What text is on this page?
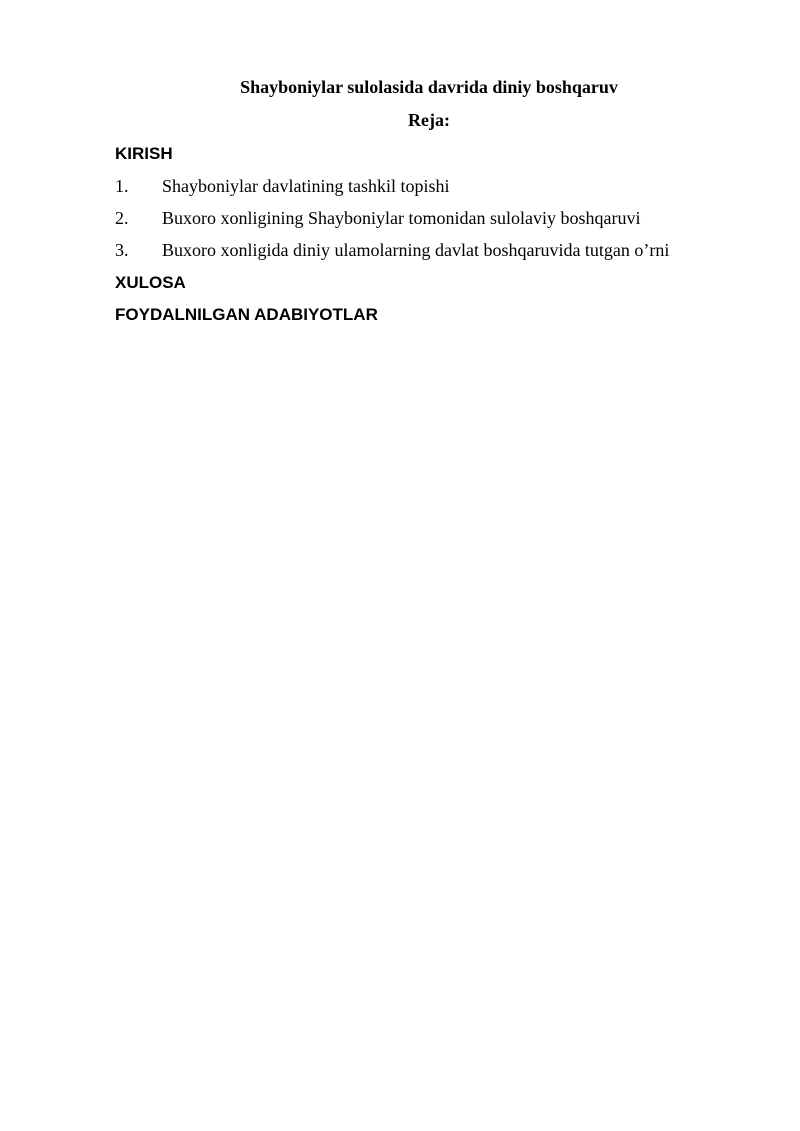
Shayboniylar sulolasida davrida diniy boshqaruv
Reja:
KIRISH
1. Shayboniylar davlatining tashkil topishi
2. Buxoro xonligining Shayboniylar tomonidan sulolaviy boshqaruvi
3. Buxoro xonligida diniy ulamolarning davlat boshqaruvida tutgan o’rni
XULOSA
FOYDALNILGAN ADABIYOTLAR
